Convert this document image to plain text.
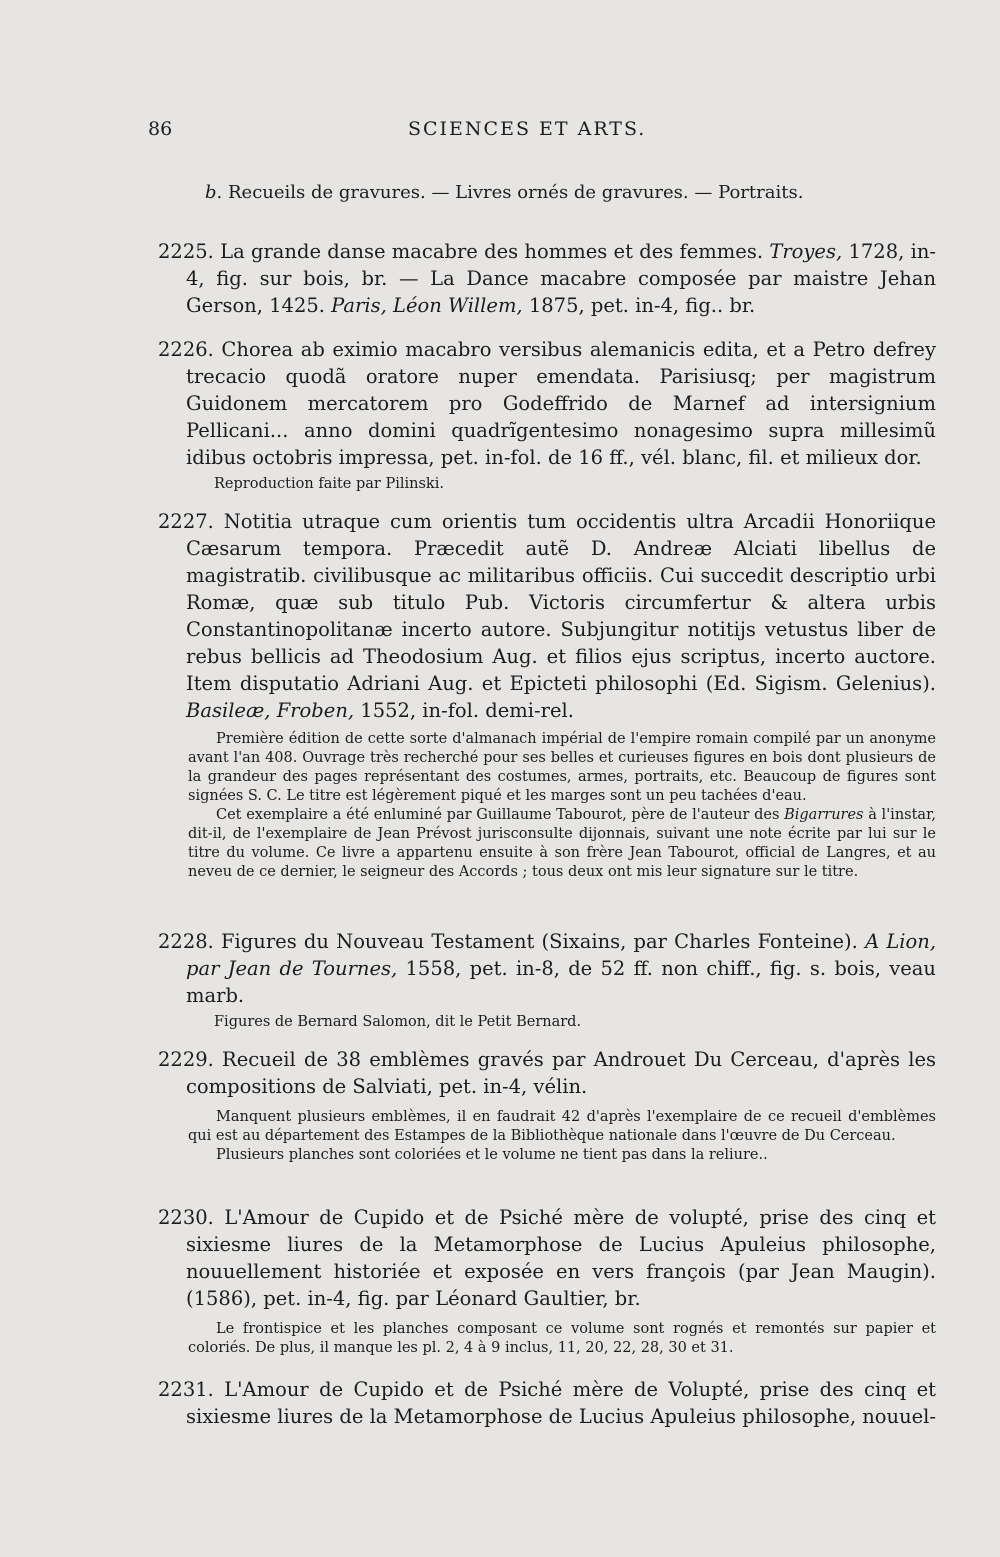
86	SCIENCES ET ARTS.
b. Recueils de gravures. — Livres ornés de gravures. — Portraits.
2225. La grande danse macabre des hommes et des femmes. Troyes, 1728, in-4, fig. sur bois, br. — La Dance macabre composée par maistre Jehan Gerson, 1425. Paris, Léon Willem, 1875, pet. in-4, fig.. br.
2226. Chorea ab eximio macabro versibus alemanicis edita, et a Petro defrey trecacio quodã oratore nuper emendata. Parisiusq; per magistrum Guidonem mercatorem pro Godeffrido de Marnef ad intersignium Pellicani... anno domini quadrĩgentesimo nonagesimo supra millesimũ idibus octobris impressa, pet. in-fol. de 16 ff., vél. blanc, fil. et milieux dor.
Reproduction faite par Pilinski.
2227. Notitia utraque cum orientis tum occidentis ultra Arcadii Honoriique Cæsarum tempora. Præcedit autẽ D. Andreæ Alciati libellus de magistratib. civilibusque ac militaribus officiis. Cui succedit descriptio urbi Romæ, quæ sub titulo Pub. Victoris circumfertur & altera urbis Constantinopolitanæ incerto autore. Subjungitur notitijs vetustus liber de rebus bellicis ad Theodosium Aug. et filios ejus scriptus, incerto auctore. Item disputatio Adriani Aug. et Epicteti philosophi (Ed. Sigism. Gelenius). Basileæ, Froben, 1552, in-fol. demi-rel.

Première édition de cette sorte d'almanach impérial de l'empire romain compilé par un anonyme avant l'an 408. Ouvrage très recherché pour ses belles et curieuses figures en bois dont plusieurs de la grandeur des pages représentant des costumes, armes, portraits, etc. Beaucoup de figures sont signées S. C. Le titre est légèrement piqué et les marges sont un peu tachées d'eau.

Cet exemplaire a été enluminé par Guillaume Tabourot, père de l'auteur des Bigarrures à l'instar, dit-il, de l'exemplaire de Jean Prévost jurisconsulte dijonnais, suivant une note écrite par lui sur le titre du volume. Ce livre a appartenu ensuite à son frère Jean Tabourot, official de Langres, et au neveu de ce dernier, le seigneur des Accords ; tous deux ont mis leur signature sur le titre.

2228. Figures du Nouveau Testament (Sixains, par Charles Fonteine). A Lion, par Jean de Tournes, 1558, pet. in-8, de 52 ff. non chiff., fig. s. bois, veau marb.
Figures de Bernard Salomon, dit le Petit Bernard.
2229. Recueil de 38 emblèmes gravés par Androuet Du Cerceau, d'après les compositions de Salviati, pet. in-4, vélin.

Manquent plusieurs emblèmes, il en faudrait 42 d'après l'exemplaire de ce recueil d'emblèmes qui est au département des Estampes de la Bibliothèque nationale dans l'œuvre de Du Cerceau.

Plusieurs planches sont coloriées et le volume ne tient pas dans la reliure..

2230. L'Amour de Cupido et de Psiché mère de volupté, prise des cinq et sixiesme liures de la Metamorphose de Lucius Apuleius philosophe, nouuellement historiée et exposée en vers françois (par Jean Maugin). (1586), pet. in-4, fig. par Léonard Gaultier, br.

Le frontispice et les planches composant ce volume sont rognés et remontés sur papier et coloriés. De plus, il manque les pl. 2, 4 à 9 inclus, 11, 20, 22, 28, 30 et 31.

2231. L'Amour de Cupido et de Psiché mère de Volupté, prise des cinq et sixiesme liures de la Metamorphose de Lucius Apuleius philosophe, nouuel-
